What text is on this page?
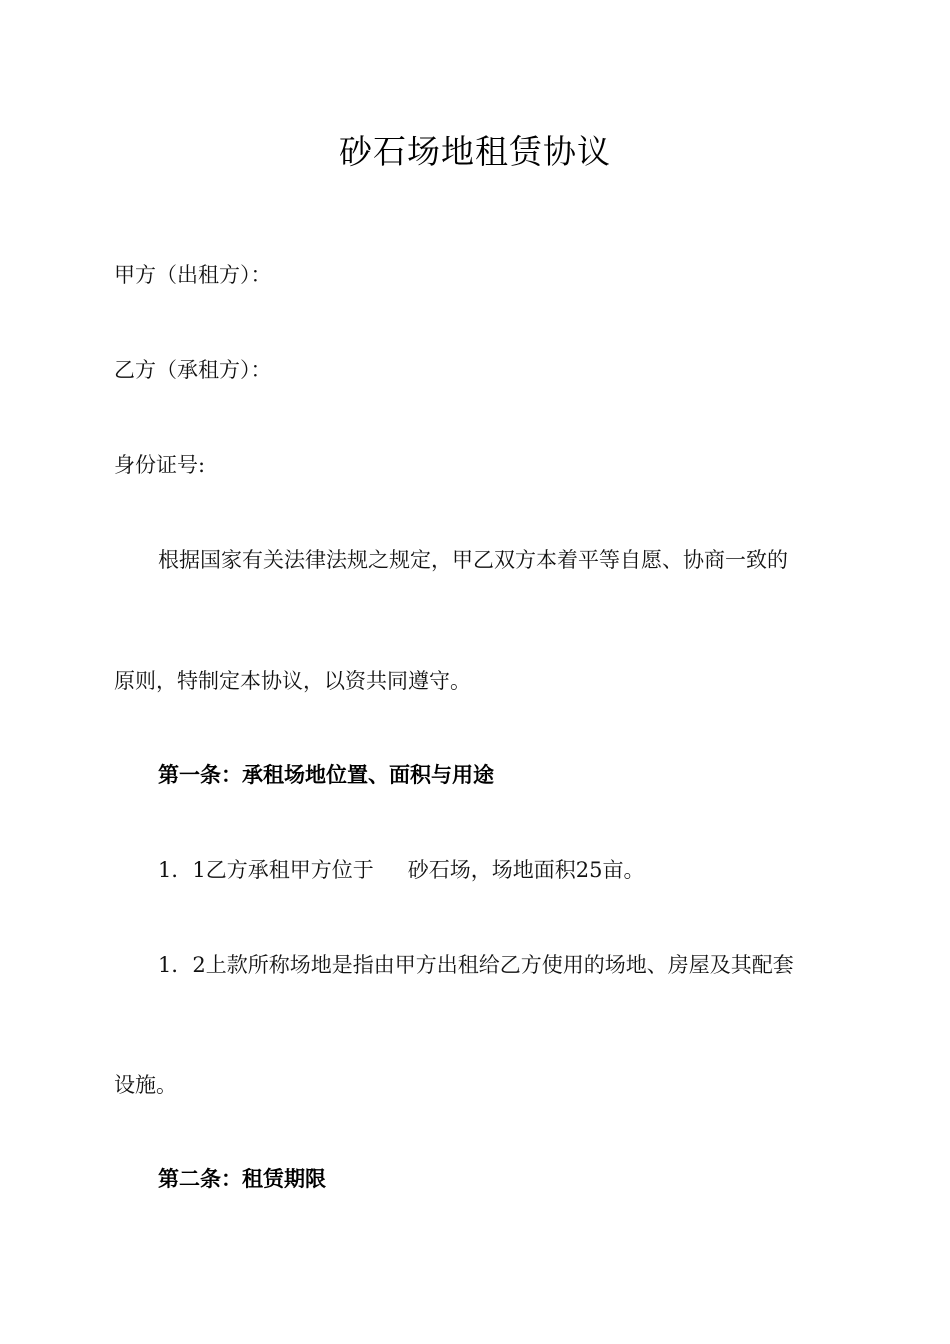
砂石场地租赁协议
甲方（出租方）：
乙方（承租方）：
身份证号:
根据国家有关法律法规之规定，甲乙双方本着平等自愿、协商一致的
原则，特制定本协议，以资共同遵守。
第一条：承租场地位置、面积与用途
1．1乙方承租甲方位于 砂石场，场地面积25亩。
1．2上款所称场地是指由甲方出租给乙方使用的场地、房屋及其配套
设施。
第二条：租赁期限
